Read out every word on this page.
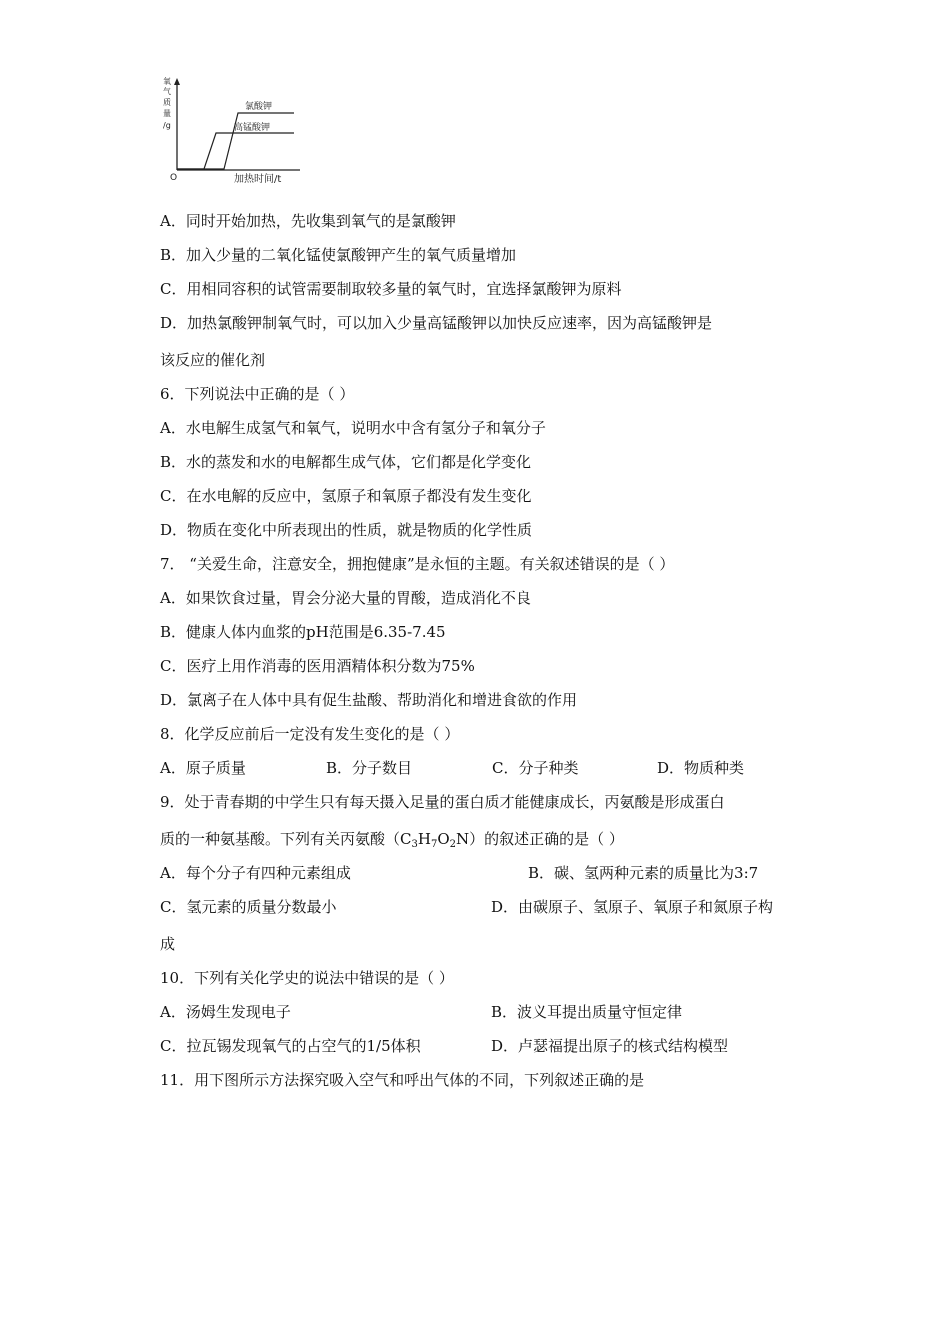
氧
气
质
量
/g
O
氯酸钾
高锰酸钾
加热时间/t
A．同时开始加热，先收集到氧气的是氯酸钾
B．加入少量的二氧化锰使氯酸钾产生的氧气质量增加
C．用相同容积的试管需要制取较多量的氧气时，宜选择氯酸钾为原料
D．加热氯酸钾制氧气时，可以加入少量高锰酸钾以加快反应速率，因为高锰酸钾是
该反应的催化剂
6．下列说法中正确的是（ ）
A．水电解生成氢气和氧气，说明水中含有氢分子和氧分子
B．水的蒸发和水的电解都生成气体，它们都是化学变化
C．在水电解的反应中，氢原子和氧原子都没有发生变化
D．物质在变化中所表现出的性质，就是物质的化学性质
7． “关爱生命，注意安全，拥抱健康”是永恒的主题。有关叙述错误的是（ ）
A．如果饮食过量，胃会分泌大量的胃酸，造成消化不良
B．健康人体内血浆的pH范围是6.35-7.45
C．医疗上用作消毒的医用酒精体积分数为75%
D．氯离子在人体中具有促生盐酸、帮助消化和增进食欲的作用
8．化学反应前后一定没有发生变化的是（ ）
A．原子质量	B．分子数目	C．分子种类	D．物质种类
9．处于青春期的中学生只有每天摄入足量的蛋白质才能健康成长，丙氨酸是形成蛋白
质的一种氨基酸。下列有关丙氨酸$(C_3H_7O_2N)$的叙述正确的是（ ）
A．每个分子有四种元素组成	B．碳、氢两种元素的质量比为3:7
C．氢元素的质量分数最小	D．由碳原子、氢原子、氧原子和氮原子构
成
10．下列有关化学史的说法中错误的是（ ）
A．汤姆生发现电子	B．波义耳提出质量守恒定律
C．拉瓦锡发现氧气的占空气的1/5体积	D．卢瑟福提出原子的核式结构模型
11．用下图所示方法探究吸入空气和呼出气体的不同，下列叙述正确的是
